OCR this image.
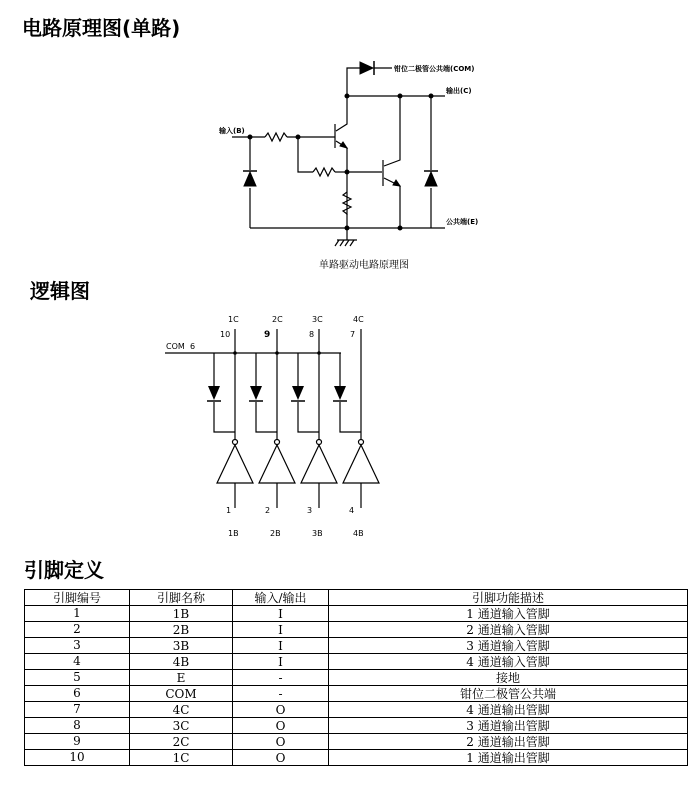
电路原理图(单路)
逻辑图
引脚定义
钳位二极管公共端(COM)
输出(C)
输入(B)
公共端(E)
单路驱动电路原理图
COM 6
1C
10
1
1B
2C
9
2
2B
3C
8
3
3B
4C
7
4
4B
引脚编号	引脚名称	输入/输出	引脚功能描述
1	1B	I	1 通道输入管脚
2	2B	I	2 通道输入管脚
3	3B	I	3 通道输入管脚
4	4B	I	4 通道输入管脚
5	E	-	接地
6	COM	-	钳位二极管公共端
7	4C	O	4 通道输出管脚
8	3C	O	3 通道输出管脚
9	2C	O	2 通道输出管脚
10	1C	O	1 通道输出管脚
